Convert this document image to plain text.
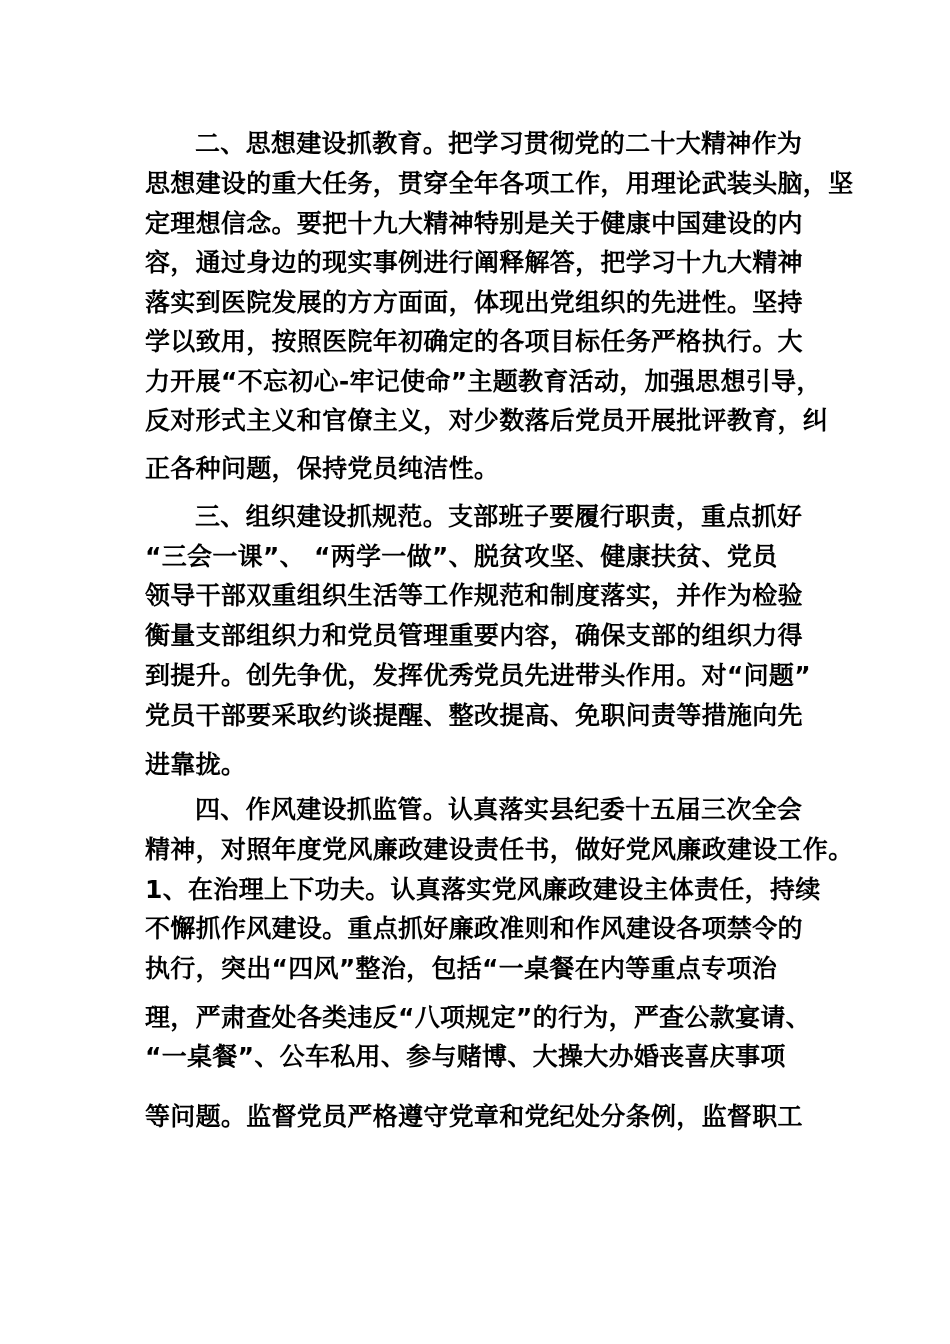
二、思想建设抓教育。把学习贯彻党的二十大精神作为
思想建设的重大任务，贯穿全年各项工作，用理论武装头脑，坚
定理想信念。要把十九大精神特别是关于健康中国建设的内
容，通过身边的现实事例进行阐释解答，把学习十九大精神
落实到医院发展的方方面面，体现出党组织的先进性。坚持
学以致用，按照医院年初确定的各项目标任务严格执行。大
力开展“不忘初心-牢记使命”主题教育活动，加强思想引导，
反对形式主义和官僚主义，对少数落后党员开展批评教育，纠
正各种问题，保持党员纯洁性。
三、组织建设抓规范。支部班子要履行职责，重点抓好
“三会一课”、 “两学一做”、脱贫攻坚、健康扶贫、党员
领导干部双重组织生活等工作规范和制度落实，并作为检验
衡量支部组织力和党员管理重要内容，确保支部的组织力得
到提升。创先争优，发挥优秀党员先进带头作用。对“问题”
党员干部要采取约谈提醒、整改提高、免职问责等措施向先
进靠拢。
四、作风建设抓监管。认真落实县纪委十五届三次全会
精神，对照年度党风廉政建设责任书，做好党风廉政建设工作。
1、在治理上下功夫。认真落实党风廉政建设主体责任，持续
不懈抓作风建设。重点抓好廉政准则和作风建设各项禁令的
执行，突出“四风”整治，包括“一桌餐在内等重点专项治
理，严肃查处各类违反“八项规定”的行为，严查公款宴请、
“一桌餐”、公车私用、参与赌博、大操大办婚丧喜庆事项
等问题。监督党员严格遵守党章和党纪处分条例，监督职工
